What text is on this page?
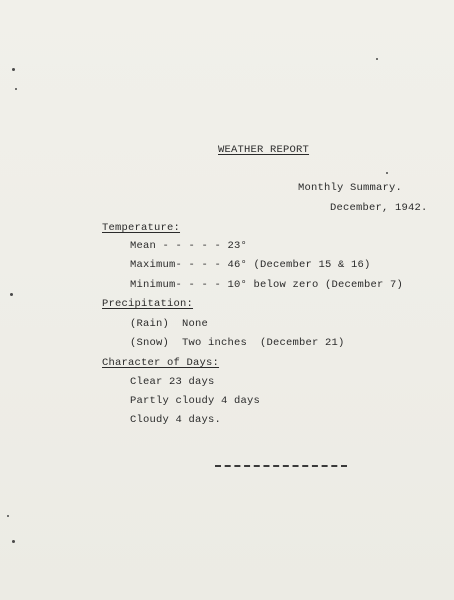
WEATHER REPORT
Monthly Summary.
December, 1942.
Temperature:
Mean - - - - - 23°
Maximum- - - - 46° (December 15 & 16)
Minimum- - - - 10° below zero (December 7)
Precipitation:
(Rain)  None
(Snow)  Two inches  (December 21)
Character of Days:
Clear 23 days
Partly cloudy 4 days
Cloudy 4 days.
